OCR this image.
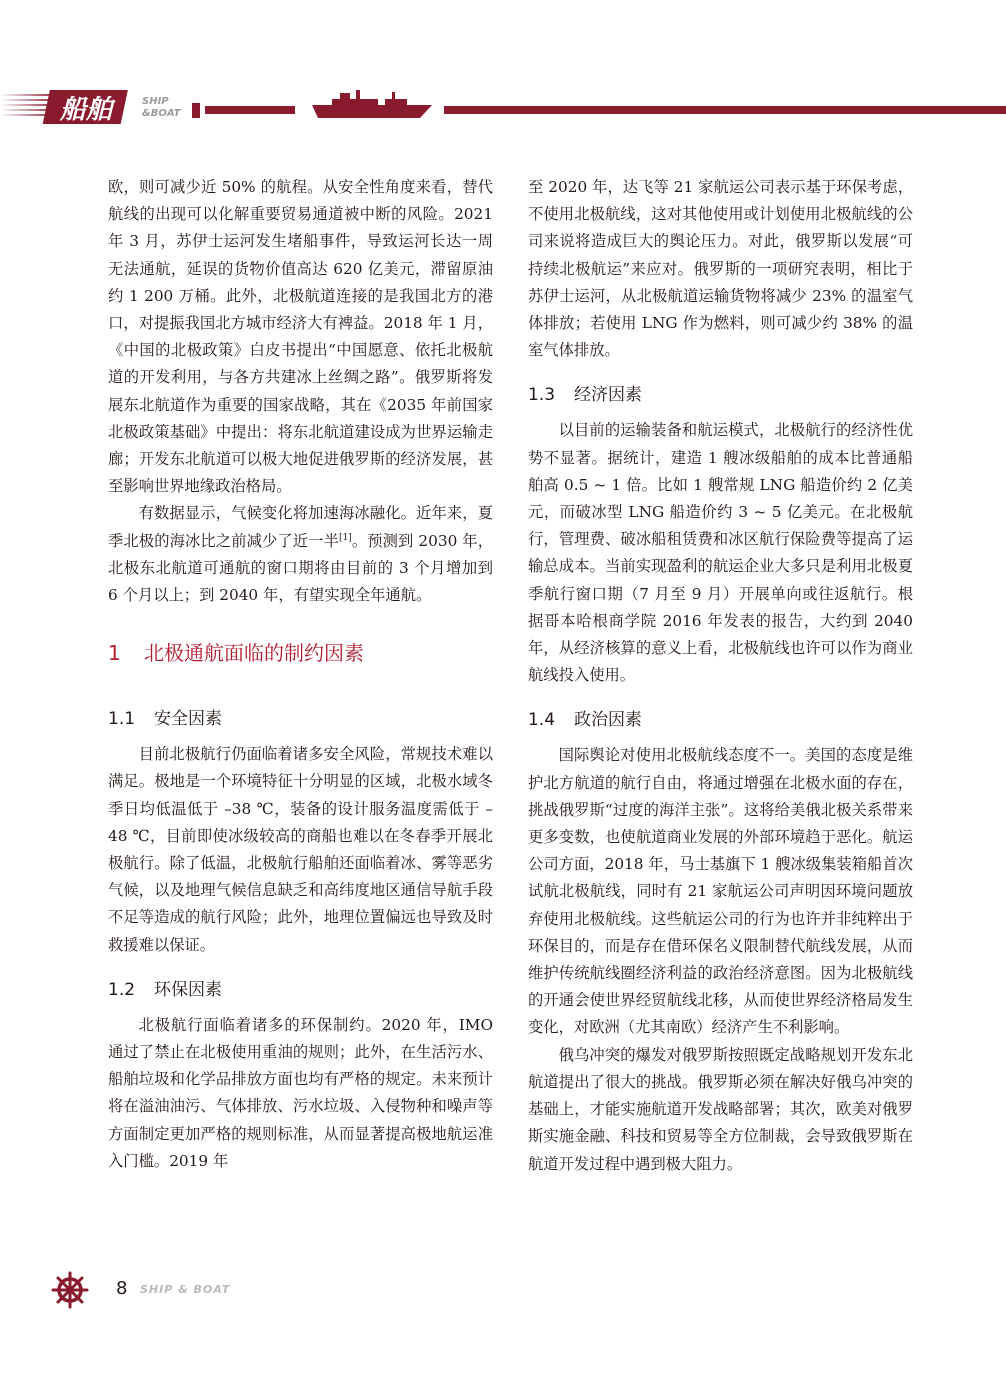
船舶	SHIP
&BOAT

欧，则可减少近 50% 的航程。从安全性角度来看，替代航线的出现可以化解重要贸易通道被中断的风险。2021 年 3 月，苏伊士运河发生堵船事件，导致运河长达一周无法通航，延误的货物价值高达 620 亿美元，滞留原油约 1 200 万桶。此外，北极航道连接的是我国北方的港口，对提振我国北方城市经济大有裨益。2018 年 1 月，《中国的北极政策》白皮书提出“中国愿意、依托北极航道的开发利用，与各方共建冰上丝绸之路”。俄罗斯将发展东北航道作为重要的国家战略，其在《2035 年前国家北极政策基础》中提出：将东北航道建设成为世界运输走廊；开发东北航道可以极大地促进俄罗斯的经济发展，甚至影响世界地缘政治格局。

有数据显示，气候变化将加速海冰融化。近年来，夏季北极的海冰比之前减少了近一半[1]。预测到 2030 年，北极东北航道可通航的窗口期将由目前的 3 个月增加到 6 个月以上；到 2040 年，有望实现全年通航。

1 北极通航面临的制约因素
1.1 安全因素

目前北极航行仍面临着诸多安全风险，常规技术难以满足。极地是一个环境特征十分明显的区域，北极水域冬季日均低温低于 –38 ℃，装备的设计服务温度需低于 –48 ℃，目前即使冰级较高的商船也难以在冬春季开展北极航行。除了低温，北极航行船舶还面临着冰、雾等恶劣气候，以及地理气候信息缺乏和高纬度地区通信导航手段不足等造成的航行风险；此外，地理位置偏远也导致及时救援难以保证。

1.2 环保因素

北极航行面临着诸多的环保制约。2020 年，IMO 通过了禁止在北极使用重油的规则；此外，在生活污水、船舶垃圾和化学品排放方面也均有严格的规定。未来预计将在溢油油污、气体排放、污水垃圾、入侵物种和噪声等方面制定更加严格的规则标准，从而显著提高极地航运准入门槛。2019 年

至 2020 年，达飞等 21 家航运公司表示基于环保考虑，不使用北极航线，这对其他使用或计划使用北极航线的公司来说将造成巨大的舆论压力。对此，俄罗斯以发展“可持续北极航运”来应对。俄罗斯的一项研究表明，相比于苏伊士运河，从北极航道运输货物将减少 23% 的温室气体排放；若使用 LNG 作为燃料，则可减少约 38% 的温室气体排放。

1.3 经济因素

以目前的运输装备和航运模式，北极航行的经济性优势不显著。据统计，建造 1 艘冰级船舶的成本比普通船舶高 0.5 ~ 1 倍。比如 1 艘常规 LNG 船造价约 2 亿美元，而破冰型 LNG 船造价约 3 ~ 5 亿美元。在北极航行，管理费、破冰船租赁费和冰区航行保险费等提高了运输总成本。当前实现盈利的航运企业大多只是利用北极夏季航行窗口期（7 月至 9 月）开展单向或往返航行。根据哥本哈根商学院 2016 年发表的报告，大约到 2040 年，从经济核算的意义上看，北极航线也许可以作为商业航线投入使用。

1.4 政治因素

国际舆论对使用北极航线态度不一。美国的态度是维护北方航道的航行自由，将通过增强在北极水面的存在，挑战俄罗斯“过度的海洋主张”。这将给美俄北极关系带来更多变数，也使航道商业发展的外部环境趋于恶化。航运公司方面，2018 年，马士基旗下 1 艘冰级集装箱船首次试航北极航线，同时有 21 家航运公司声明因环境问题放弃使用北极航线。这些航运公司的行为也许并非纯粹出于环保目的，而是存在借环保名义限制替代航线发展，从而维护传统航线圈经济利益的政治经济意图。因为北极航线的开通会使世界经贸航线北移，从而使世界经济格局发生变化，对欧洲（尤其南欧）经济产生不利影响。

俄乌冲突的爆发对俄罗斯按照既定战略规划开发东北航道提出了很大的挑战。俄罗斯必须在解决好俄乌冲突的基础上，才能实施航道开发战略部署；其次，欧美对俄罗斯实施金融、科技和贸易等全方位制裁，会导致俄罗斯在航道开发过程中遇到极大阻力。

8 SHIP & BOAT
